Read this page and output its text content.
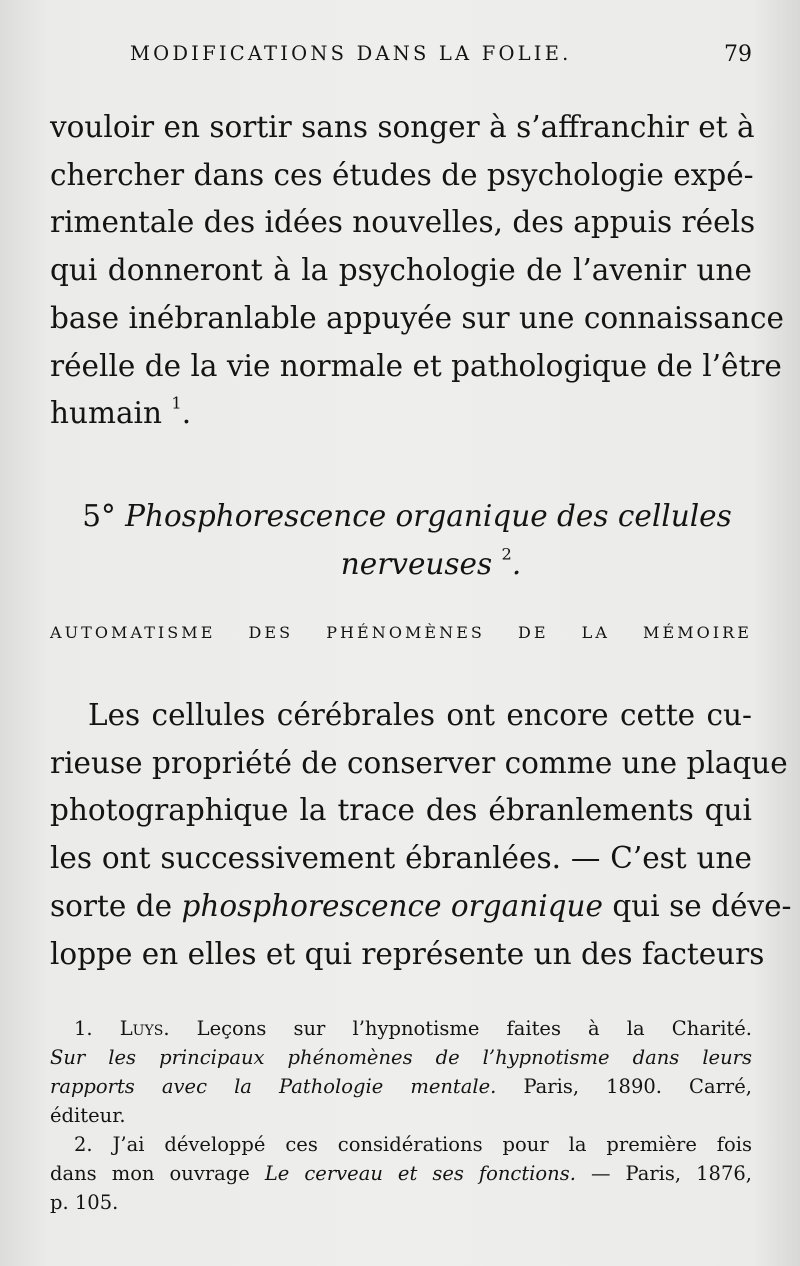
MODIFICATIONS DANS LA FOLIE.	79
vouloir en sortir sans songer à s’affranchir et à
chercher dans ces études de psychologie expé-
rimentale des idées nouvelles, des appuis réels
qui donneront à la psychologie de l’avenir une
base inébranlable appuyée sur une connaissance
réelle de la vie normale et pathologique de l’être
humain $^1$.
5° Phosphorescence organique des cellules
nerveuses $^2$.
AUTOMATISME DES PHÉNOMÈNES DE LA MÉMOIRE
Les cellules cérébrales ont encore cette cu-
rieuse propriété de conserver comme une plaque
photographique la trace des ébranlements qui
les ont successivement ébranlées. — C’est une
sorte de phosphorescence organique qui se déve-
loppe en elles et qui représente un des facteurs
1. Luys. Leçons sur l’hypnotisme faites à la Charité.
Sur les principaux phénomènes de l’hypnotisme dans leurs
rapports avec la Pathologie mentale. Paris, 1890. Carré,
éditeur.
2. J’ai développé ces considérations pour la première fois
dans mon ouvrage Le cerveau et ses fonctions. — Paris, 1876,
p. 105.
